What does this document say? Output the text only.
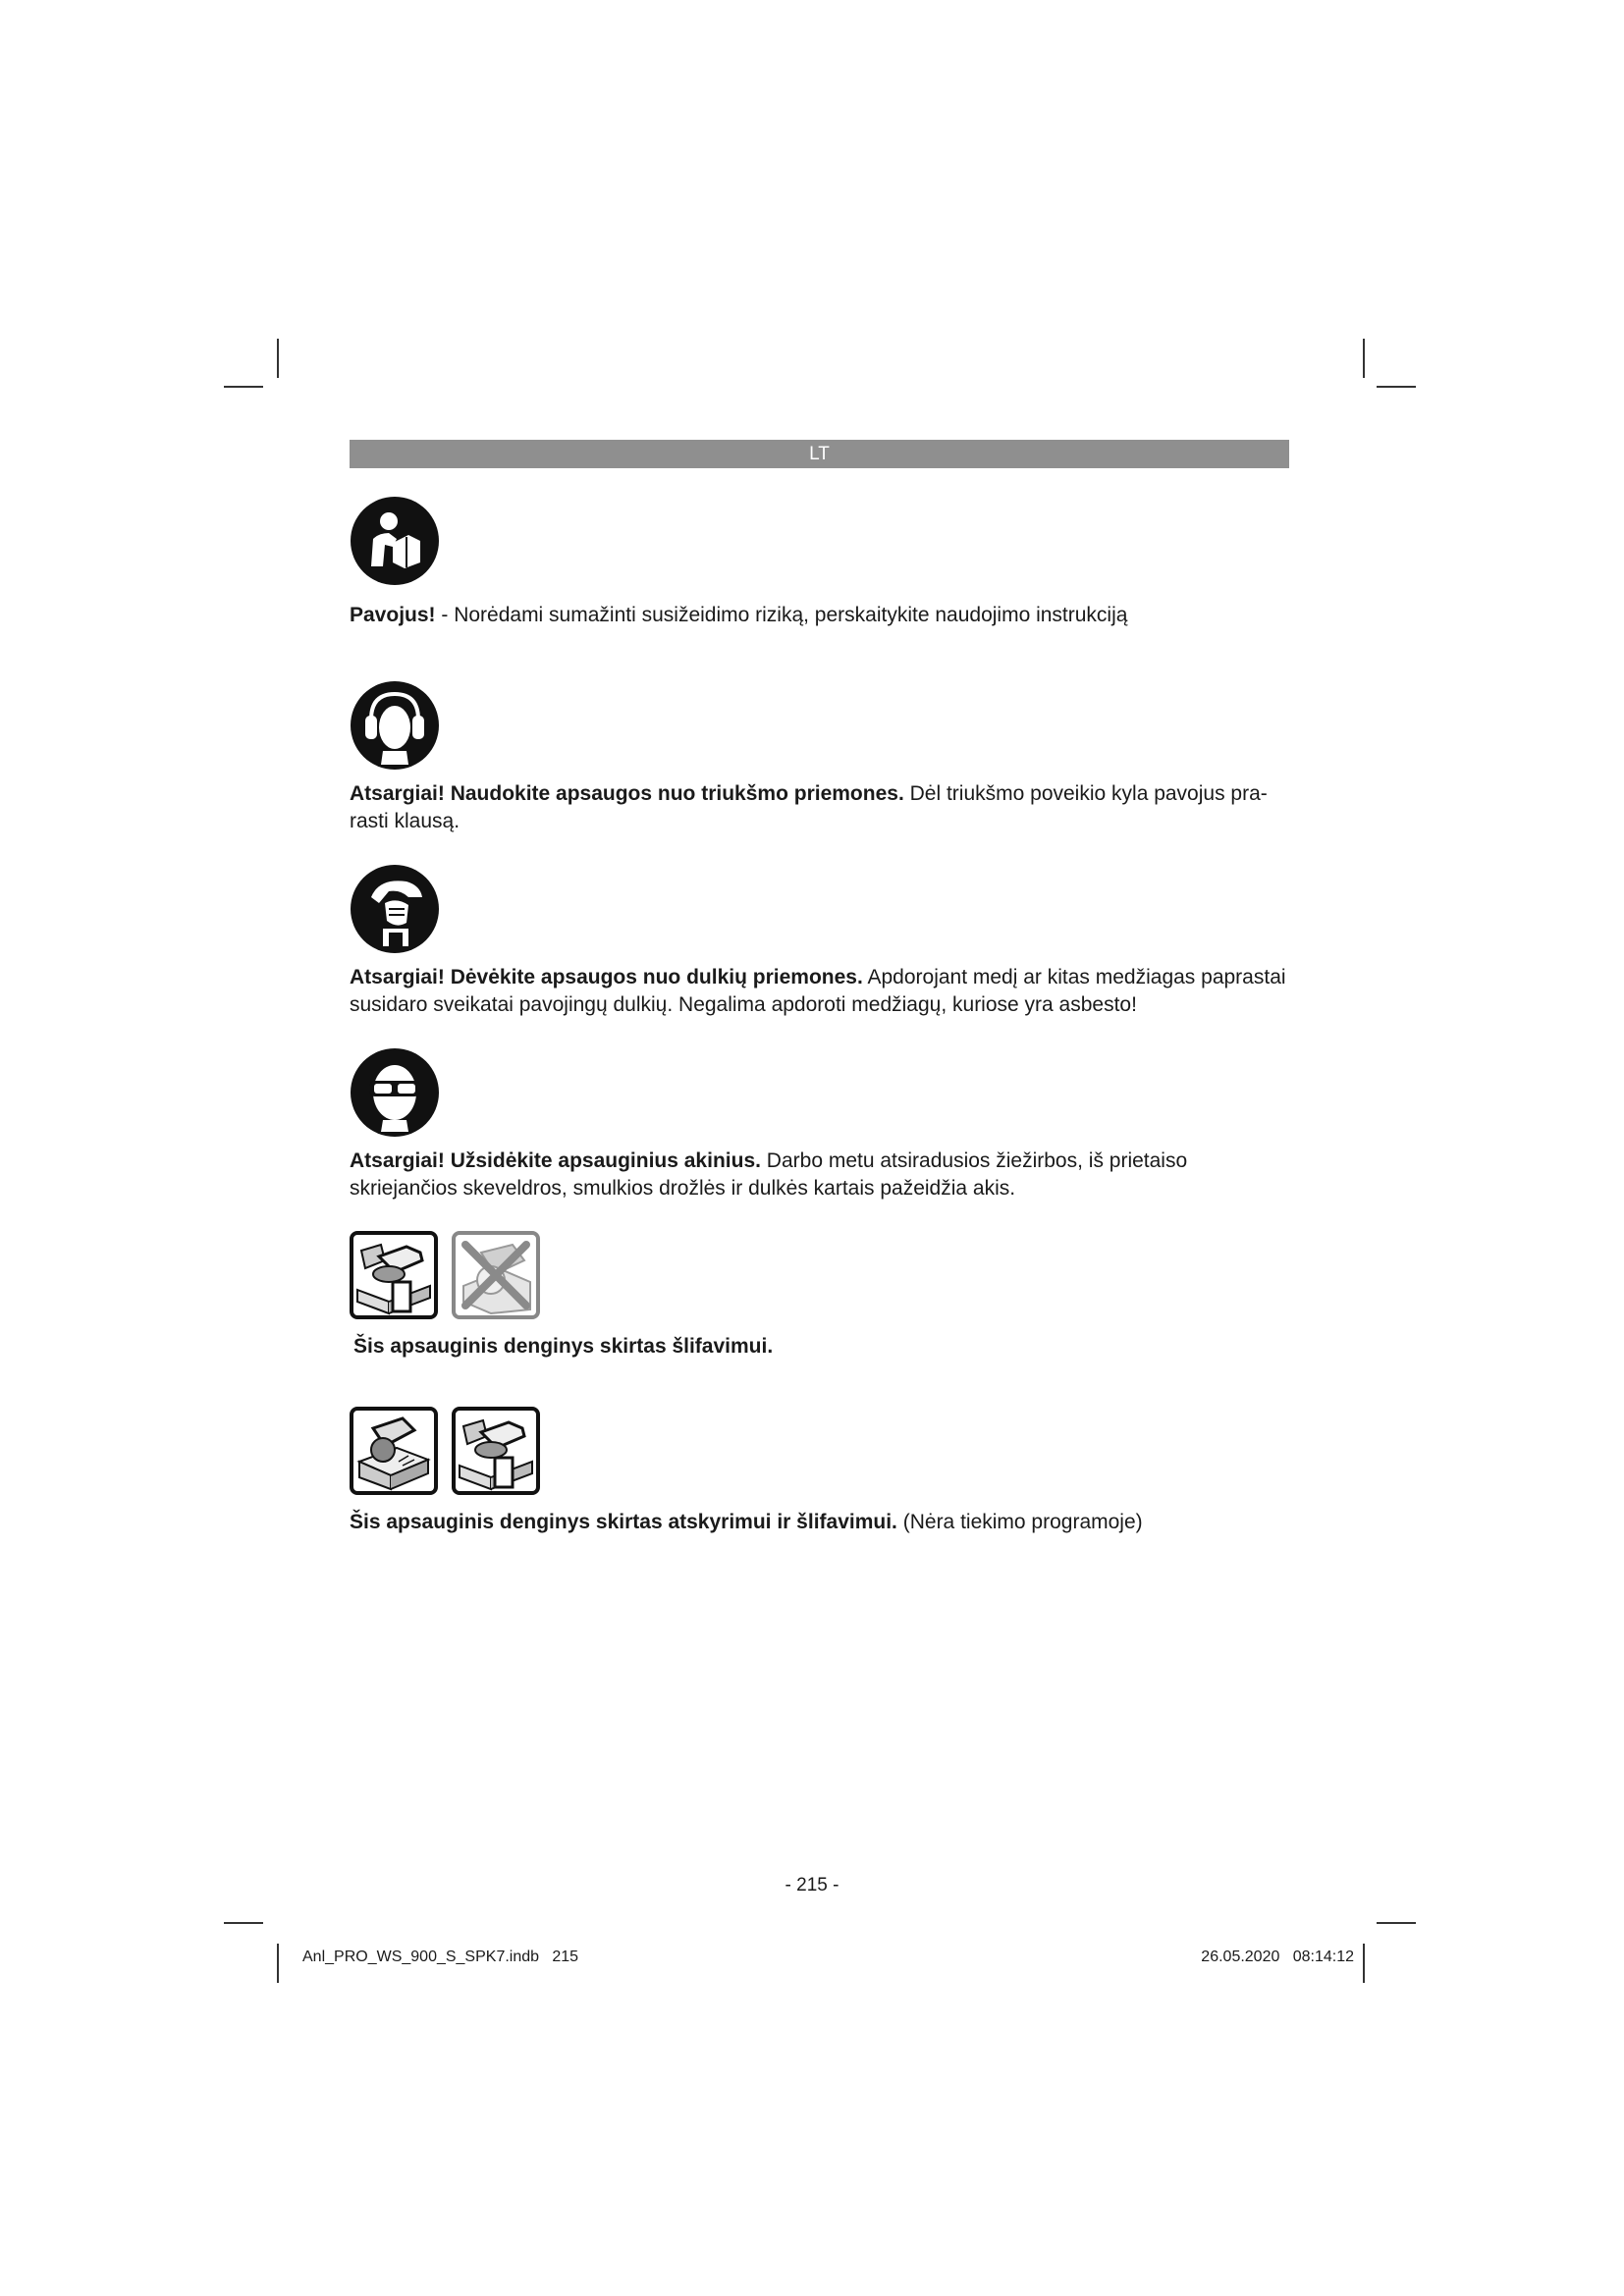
LT

Pavojus! - Norėdami sumažinti susižeidimo riziką, perskaitykite naudojimo instrukciją

Atsargiai! Naudokite apsaugos nuo triukšmo priemones. Dėl triukšmo poveikio kyla pavojus pra-rasti klausą.

Atsargiai! Dėvėkite apsaugos nuo dulkių priemones. Apdorojant medį ar kitas medžiagas paprastai susidaro sveikatai pavojingų dulkių. Negalima apdoroti medžiagų, kuriose yra asbesto!

Atsargiai! Užsidėkite apsauginius akinius. Darbo metu atsiradusios žiežirbos, iš prietaiso skriejančios skeveldros, smulkios drožlės ir dulkės kartais pažeidžia akis.

Šis apsauginis denginys skirtas šlifavimui.

Šis apsauginis denginys skirtas atskyrimui ir šlifavimui. (Nėra tiekimo programoje)

- 215 -
Anl_PRO_WS_900_S_SPK7.indb   215	26.05.2020   08:14:12
